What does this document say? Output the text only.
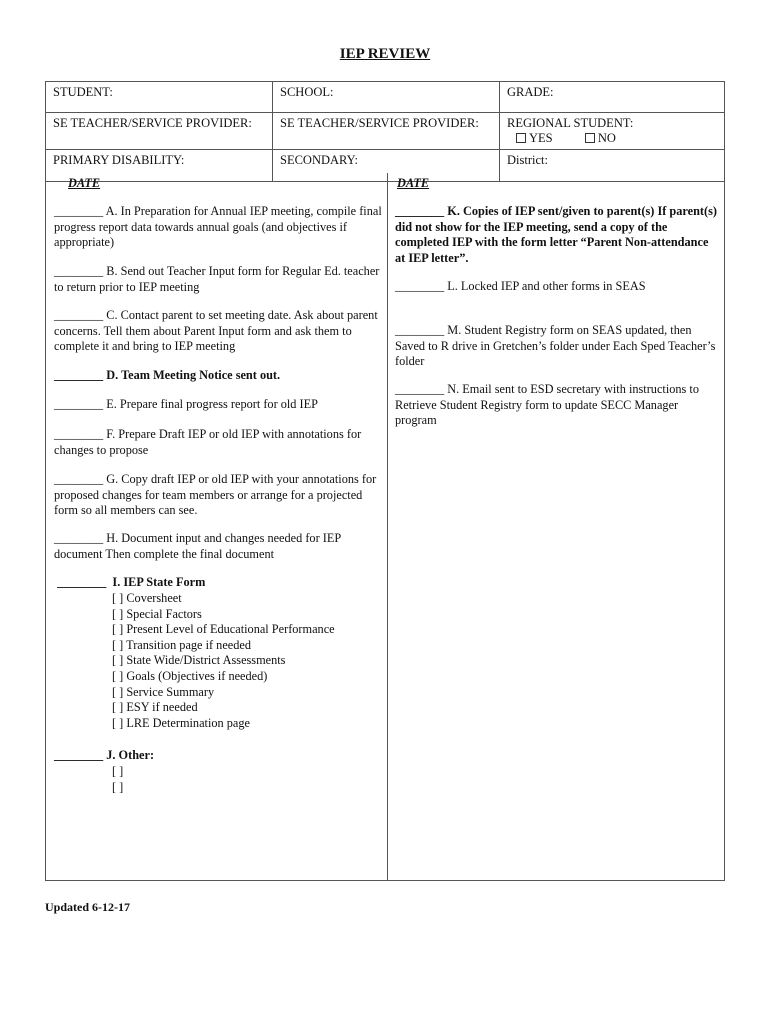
IEP REVIEW
STUDENT:	SCHOOL:	GRADE:
SE TEACHER/SERVICE PROVIDER:	SE TEACHER/SERVICE PROVIDER:	REGIONAL STUDENT:
YES NO

PRIMARY DISABILITY:	SECONDARY:	District:
DATE
________ A. In Preparation for Annual IEP meeting, compile final progress report data towards annual goals (and objectives if appropriate)
________ B. Send out Teacher Input form for Regular Ed. teacher to return prior to IEP meeting
________ C. Contact parent to set meeting date. Ask about parent concerns. Tell them about Parent Input form and ask them to complete it and bring to IEP meeting
________ D. Team Meeting Notice sent out.
________ E. Prepare final progress report for old IEP
________ F. Prepare Draft IEP or old IEP with annotations for changes to propose
________ G. Copy draft IEP or old IEP with your annotations for proposed changes for team members or arrange for a projected form so all members can see.
________ H. Document input and changes needed for IEP document Then complete the final document
________  I. IEP State Form
[ ] Coversheet
[ ] Special Factors
[ ] Present Level of Educational Performance
[ ] Transition page if needed
[ ] State Wide/District Assessments
[ ] Goals (Objectives if needed)
[ ] Service Summary
[ ] ESY if needed
[ ] LRE Determination page
________ J. Other:
[ ]
[ ]
DATE
________ K. Copies of IEP sent/given to parent(s) If parent(s) did not show for the IEP meeting, send a copy of the completed IEP with the form letter “Parent Non-attendance at IEP letter”.
________ L. Locked IEP and other forms in SEAS
________ M. Student Registry form on SEAS updated, then Saved to R drive in Gretchen’s folder under Each Sped Teacher’s folder
________ N. Email sent to ESD secretary with instructions to Retrieve Student Registry form to update SECC Manager program
Updated 6-12-17
